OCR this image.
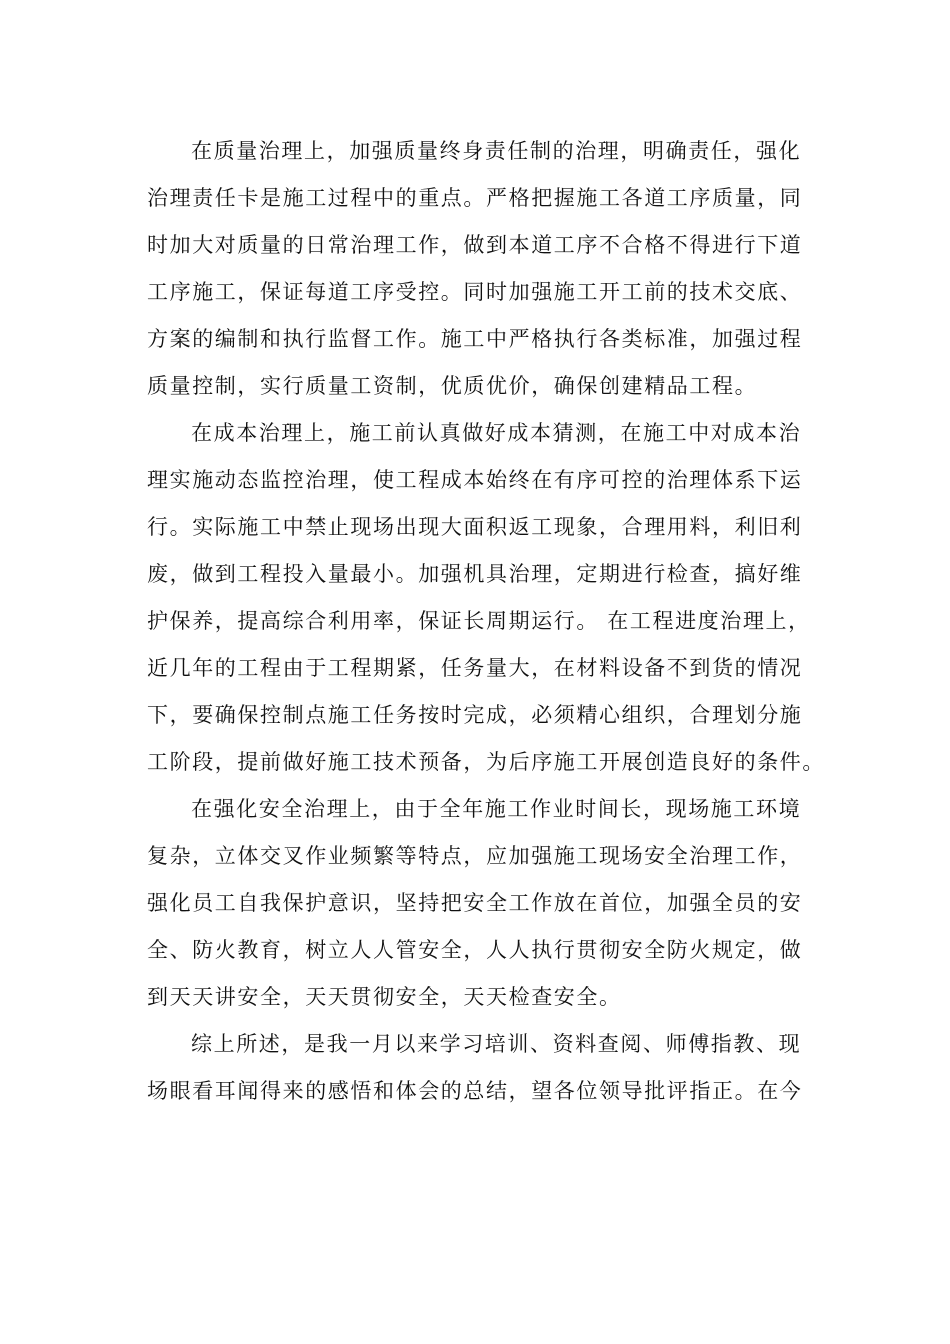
在质量治理上，加强质量终身责任制的治理，明确责任，强化
治理责任卡是施工过程中的重点。严格把握施工各道工序质量，同
时加大对质量的日常治理工作，做到本道工序不合格不得进行下道
工序施工，保证每道工序受控。同时加强施工开工前的技术交底、
方案的编制和执行监督工作。施工中严格执行各类标准，加强过程
质量控制，实行质量工资制，优质优价，确保创建精品工程。
在成本治理上，施工前认真做好成本猜测，在施工中对成本治
理实施动态监控治理，使工程成本始终在有序可控的治理体系下运
行。实际施工中禁止现场出现大面积返工现象，合理用料，利旧利
废，做到工程投入量最小。加强机具治理，定期进行检查，搞好维
护保养，提高综合利用率，保证长周期运行。 在工程进度治理上，
近几年的工程由于工程期紧，任务量大，在材料设备不到货的情况
下，要确保控制点施工任务按时完成，必须精心组织，合理划分施
工阶段，提前做好施工技术预备，为后序施工开展创造良好的条件。
在强化安全治理上，由于全年施工作业时间长，现场施工环境
复杂，立体交叉作业频繁等特点，应加强施工现场安全治理工作，
强化员工自我保护意识，坚持把安全工作放在首位，加强全员的安
全、防火教育，树立人人管安全，人人执行贯彻安全防火规定，做
到天天讲安全，天天贯彻安全，天天检查安全。
综上所述，是我一月以来学习培训、资料查阅、师傅指教、现
场眼看耳闻得来的感悟和体会的总结，望各位领导批评指正。在今
